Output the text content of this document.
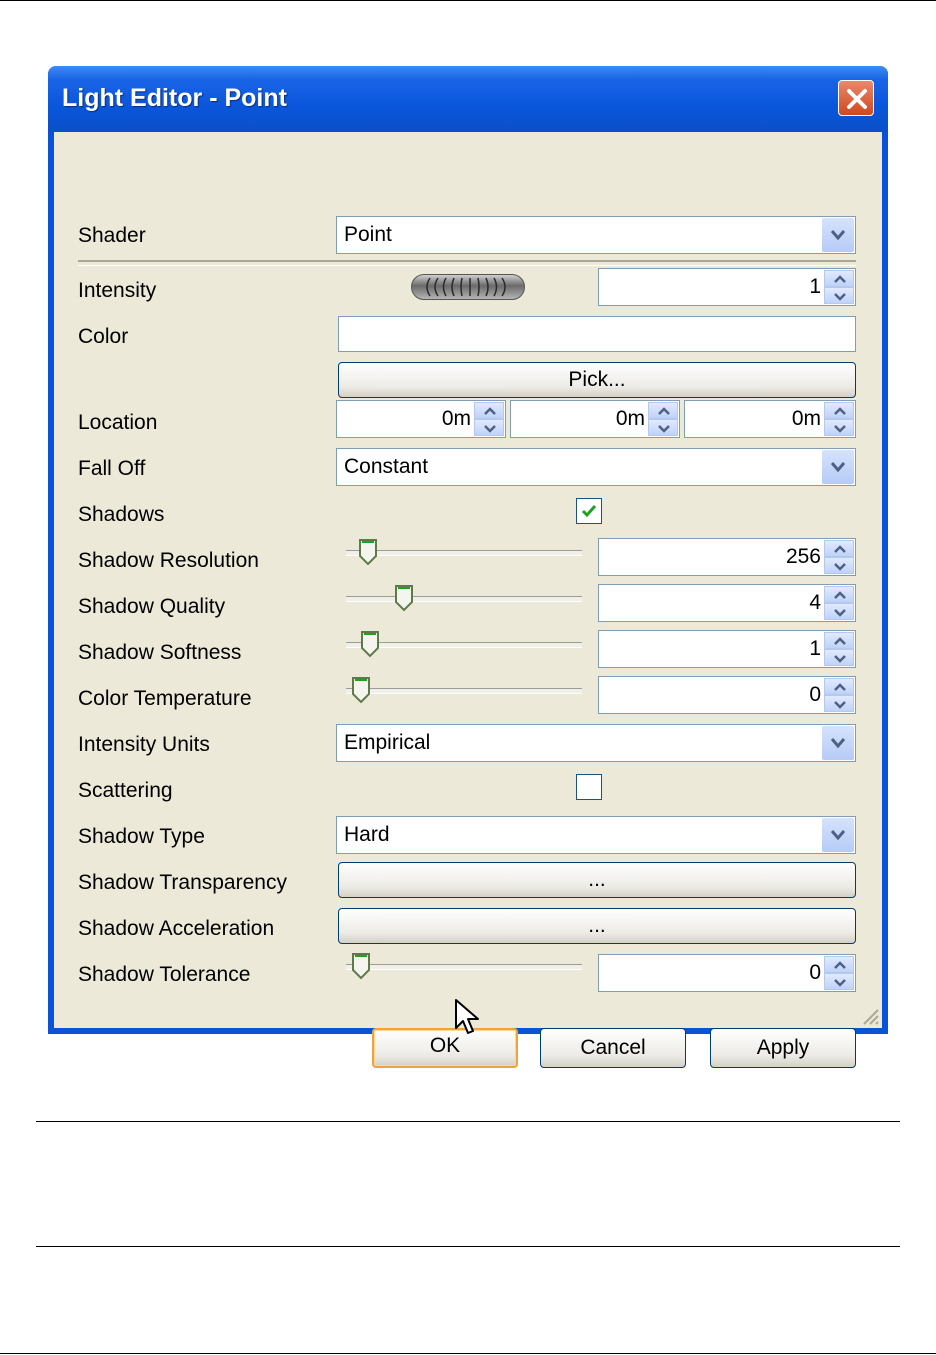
Light Editor - Point
Shader	Point
Intensity	1
Color
Pick...
Location	0m	0m	0m
Fall Off	Constant
Shadows
Shadow Resolution	256
Shadow Quality	4
Shadow Softness	1
Color Temperature	0
Intensity Units	Empirical
Scattering
Shadow Type	Hard
Shadow Transparency	...
Shadow Acceleration	...
Shadow Tolerance	0
OK	Cancel	Apply
